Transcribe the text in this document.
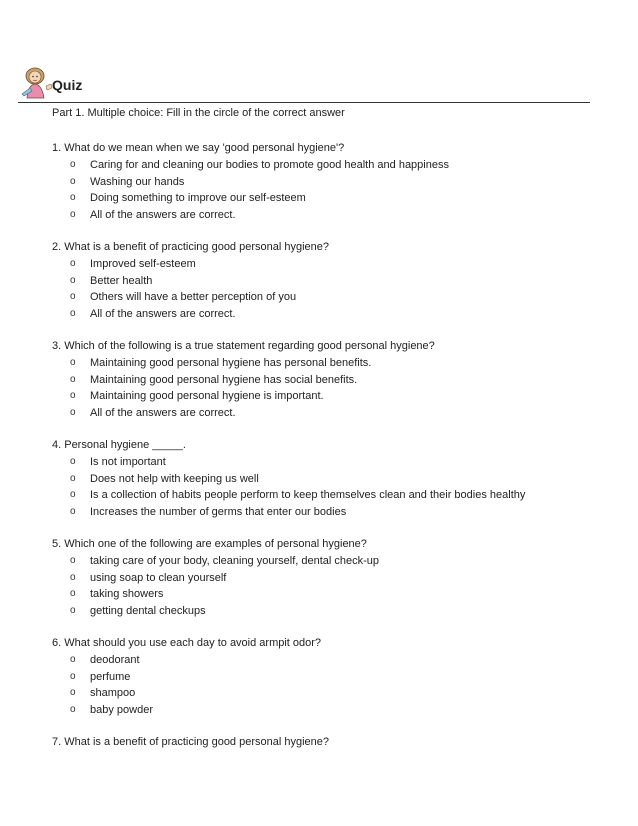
Quiz
Part 1. Multiple choice: Fill in the circle of the correct answer
1. What do we mean when we say 'good personal hygiene'?
o	Caring for and cleaning our bodies to promote good health and happiness
o	Washing our hands
o	Doing something to improve our self-esteem
o	All of the answers are correct.
2. What is a benefit of practicing good personal hygiene?
o	Improved self-esteem
o	Better health
o	Others will have a better perception of you
o	All of the answers are correct.
3. Which of the following is a true statement regarding good personal hygiene?
o	Maintaining good personal hygiene has personal benefits.
o	Maintaining good personal hygiene has social benefits.
o	Maintaining good personal hygiene is important.
o	All of the answers are correct.
4. Personal hygiene _____.
o	Is not important
o	Does not help with keeping us well
o	Is a collection of habits people perform to keep themselves clean and their bodies healthy
o	Increases the number of germs that enter our bodies
5. Which one of the following are examples of personal hygiene?
o	taking care of your body, cleaning yourself, dental check-up
o	using soap to clean yourself
o	taking showers
o	getting dental checkups
6. What should you use each day to avoid armpit odor?
o	deodorant
o	perfume
o	shampoo
o	baby powder
7. What is a benefit of practicing good personal hygiene?
